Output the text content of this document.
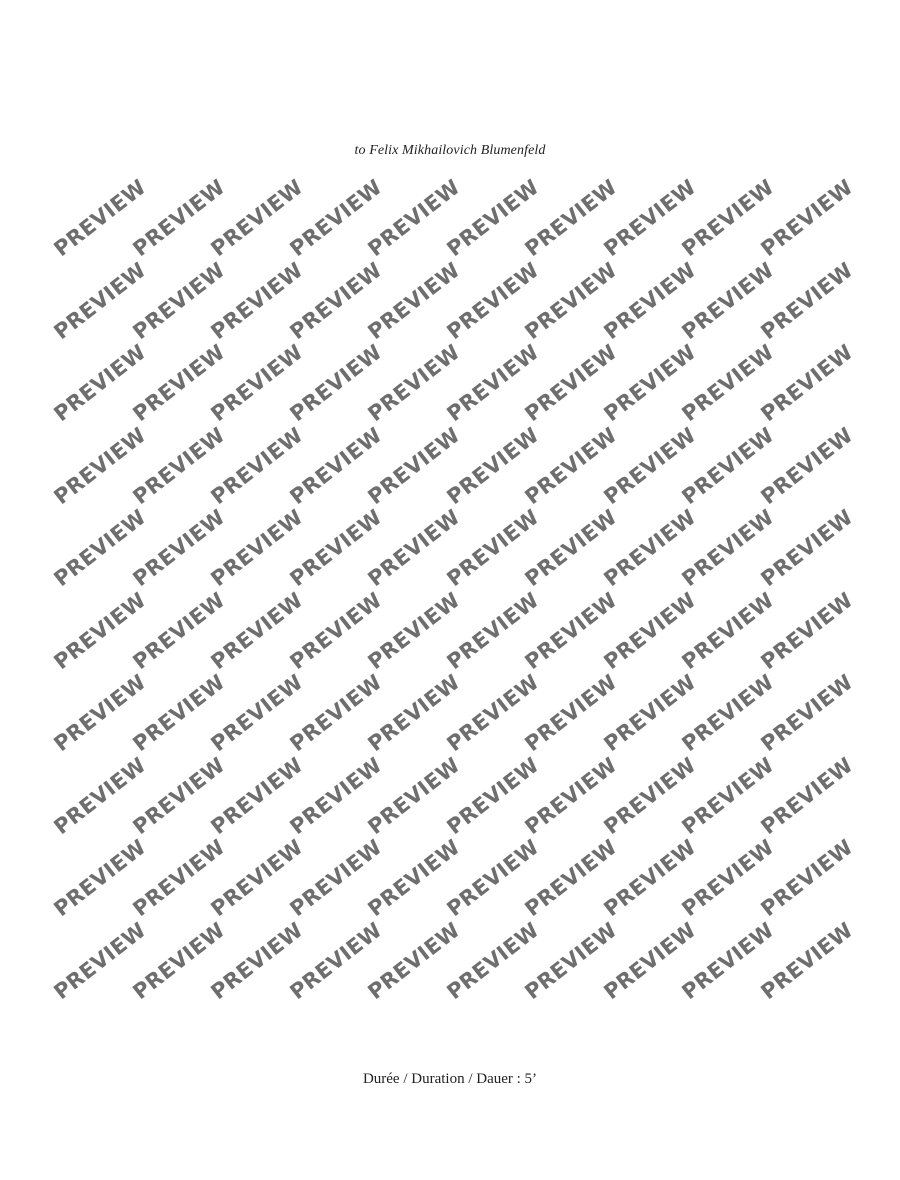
to Felix Mikhailovich Blumenfeld
PREVIEW
PREVIEW
PREVIEW
PREVIEW
PREVIEW
PREVIEW
PREVIEW
PREVIEW
PREVIEW
PREVIEW
PREVIEW
PREVIEW
PREVIEW
PREVIEW
PREVIEW
PREVIEW
PREVIEW
PREVIEW
PREVIEW
PREVIEW
PREVIEW
PREVIEW
PREVIEW
PREVIEW
PREVIEW
PREVIEW
PREVIEW
PREVIEW
PREVIEW
PREVIEW
PREVIEW
PREVIEW
PREVIEW
PREVIEW
PREVIEW
PREVIEW
PREVIEW
PREVIEW
PREVIEW
PREVIEW
PREVIEW
PREVIEW
PREVIEW
PREVIEW
PREVIEW
PREVIEW
PREVIEW
PREVIEW
PREVIEW
PREVIEW
PREVIEW
PREVIEW
PREVIEW
PREVIEW
PREVIEW
PREVIEW
PREVIEW
PREVIEW
PREVIEW
PREVIEW
PREVIEW
PREVIEW
PREVIEW
PREVIEW
PREVIEW
PREVIEW
PREVIEW
PREVIEW
PREVIEW
PREVIEW
PREVIEW
PREVIEW
PREVIEW
PREVIEW
PREVIEW
PREVIEW
PREVIEW
PREVIEW
PREVIEW
PREVIEW
PREVIEW
PREVIEW
PREVIEW
PREVIEW
PREVIEW
PREVIEW
PREVIEW
PREVIEW
PREVIEW
PREVIEW
PREVIEW
PREVIEW
PREVIEW
PREVIEW
PREVIEW
PREVIEW
PREVIEW
PREVIEW
PREVIEW
PREVIEW
Durée / Duration / Dauer : 5’
